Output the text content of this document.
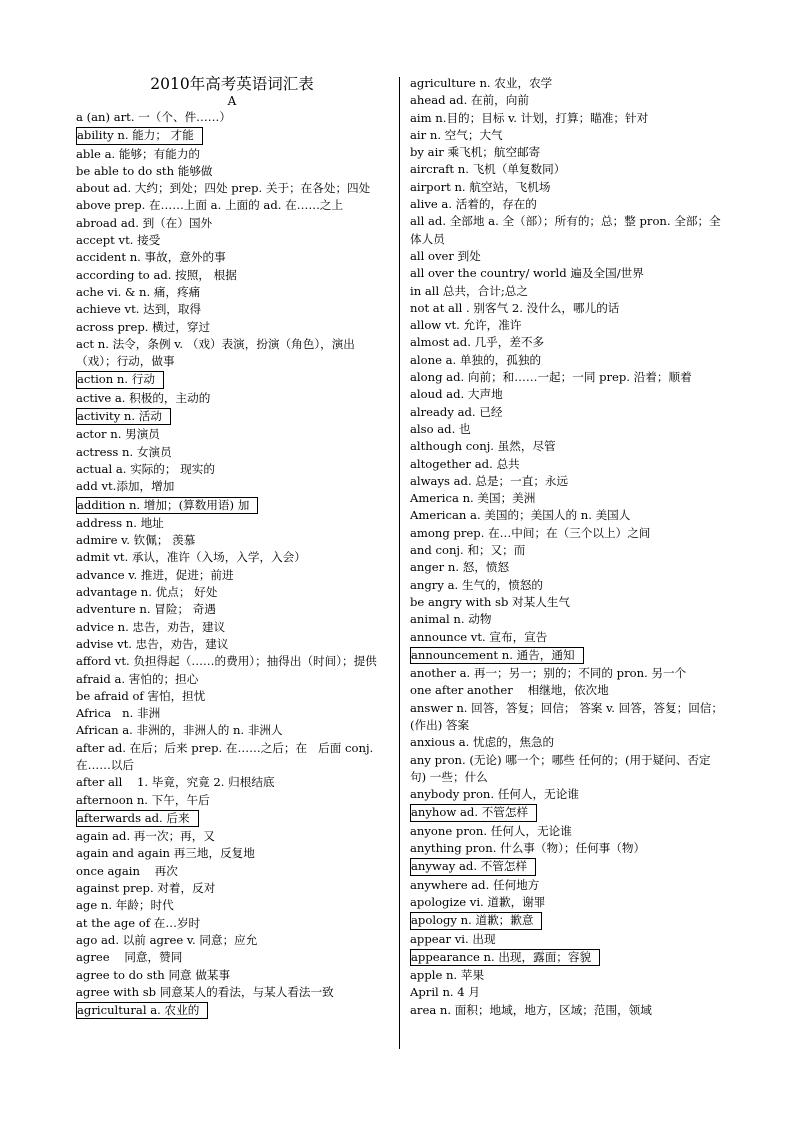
2010年高考英语词汇表
A
a (an) art. 一（个、件……）
ability n. 能力； 才能
able a. 能够；有能力的
be able to do sth 能够做
about ad. 大约；到处；四处 prep. 关于；在各处；四处
above prep. 在……上面 a. 上面的 ad. 在……之上
abroad ad. 到（在）国外
accept vt. 接受
accident n. 事故，意外的事
according to ad. 按照， 根据
ache vi. & n. 痛，疼痛
achieve vt. 达到，取得
across prep. 横过，穿过
act n. 法令，条例 v. （戏）表演，扮演（角色），演出（戏）；行动，做事
action n. 行动
active a. 积极的，主动的
activity n. 活动
actor n. 男演员
actress n. 女演员
actual a. 实际的； 现实的
add vt.添加，增加
addition n. 增加；(算数用语) 加
address n. 地址
admire v. 钦佩； 羡慕
admit vt. 承认，准许（入场，入学，入会）
advance v. 推进，促进；前进
advantage n. 优点； 好处
adventure n. 冒险； 奇遇
advice n. 忠告，劝告，建议
advise vt. 忠告，劝告，建议
afford vt. 负担得起（……的费用）；抽得出（时间）；提供
afraid a. 害怕的；担心
be afraid of 害怕，担忧
Africa   n. 非洲
African a. 非洲的，非洲人的 n. 非洲人
after ad. 在后；后来 prep. 在……之后；在   后面 conj. 在……以后
after all    1. 毕竟，究竟 2. 归根结底
afternoon n. 下午，午后
afterwards ad. 后来
again ad. 再一次；再，又
again and again 再三地，反复地
once again    再次
against prep. 对着，反对
age n. 年龄；时代
at the age of 在…岁时
ago ad. 以前 agree v. 同意；应允
agree    同意，赞同
agree to do sth 同意 做某事
agree with sb 同意某人的看法，与某人看法一致
agricultural a. 农业的
agriculture n. 农业，农学
ahead ad. 在前，向前
aim n.目的；目标 v. 计划，打算；瞄准；针对
air n. 空气；大气
by air 乘飞机；航空邮寄
aircraft n. 飞机（单复数同）
airport n. 航空站，飞机场
alive a. 活着的，存在的
all ad. 全部地 a. 全（部）；所有的；总；整 pron. 全部；全体人员
all over 到处
all over the country/ world 遍及全国/世界
in all 总共，合计;总之
not at all . 别客气 2. 没什么，哪儿的话
allow vt. 允许，准许
almost ad. 几乎，差不多
alone a. 单独的，孤独的
along ad. 向前；和……一起；一同 prep. 沿着；顺着
aloud ad. 大声地
already ad. 已经
also ad. 也
although conj. 虽然，尽管
altogether ad. 总共
always ad. 总是；一直；永远
America n. 美国；美洲
American a. 美国的；美国人的 n. 美国人
among prep. 在…中间；在（三个以上）之间
and conj. 和；又；而
anger n. 怒，愤怒
angry a. 生气的，愤怒的
be angry with sb 对某人生气
animal n. 动物
announce vt. 宣布，宣告
announcement n. 通告，通知
another a. 再一；另一；别的；不同的 pron. 另一个
one after another    相继地，依次地
answer n. 回答，答复；回信； 答案 v. 回答，答复；回信；(作出) 答案
anxious a. 忧虑的，焦急的
any pron. (无论) 哪一个；哪些 任何的；(用于疑问、否定句) 一些；什么
anybody pron. 任何人，无论谁
anyhow ad. 不管怎样
anyone pron. 任何人，无论谁
anything pron. 什么事（物）；任何事（物）
anyway ad. 不管怎样
anywhere ad. 任何地方
apologize vi. 道歉，谢罪
apology n. 道歉；歉意
appear vi. 出现
appearance n. 出现，露面；容貌
apple n. 苹果
April n. 4 月
area n. 面积；地域，地方，区域；范围，领域
